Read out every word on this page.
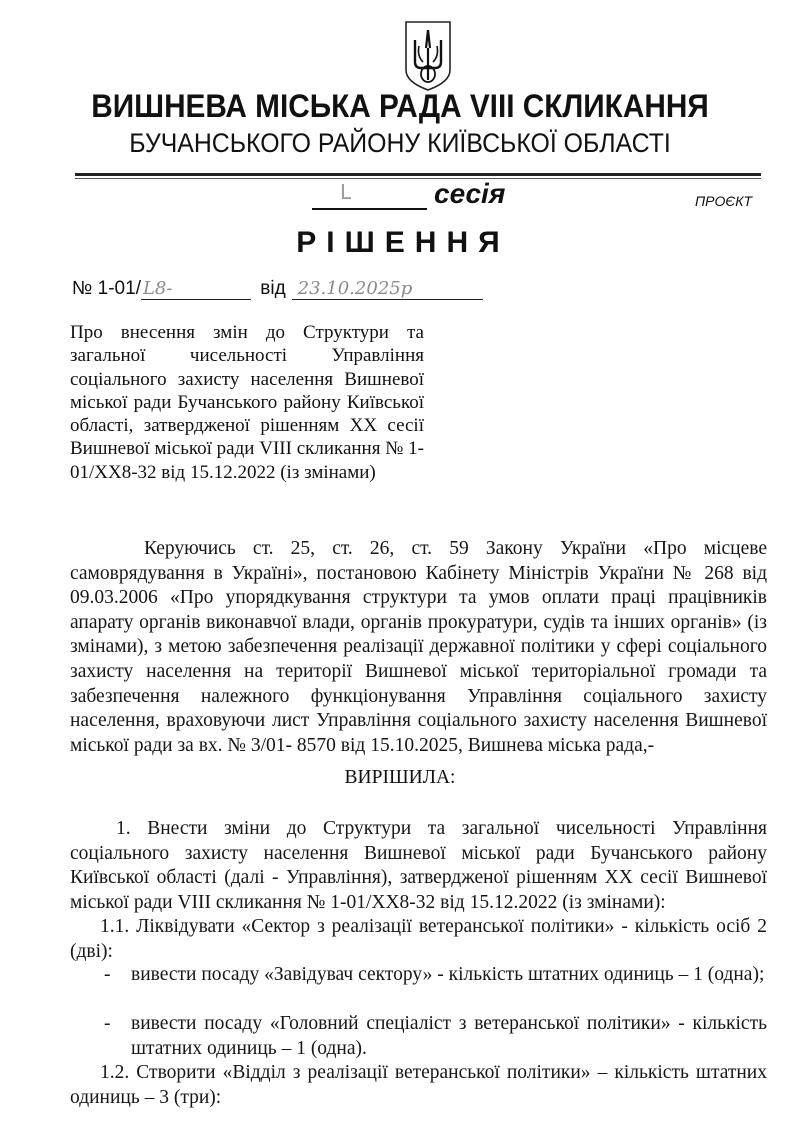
ВИШНЕВА МІСЬКА РАДА VIII СКЛИКАННЯ
БУЧАНСЬКОГО РАЙОНУ КИЇВСЬКОЇ ОБЛАСТІ
L	сесія	ПРОЄКТ
РІШЕННЯ
№ 1-01/ L8-	від 23.10.2025р
Про внесення змін до Структури та загальної чисельності Управління соціального захисту населення Вишневої міської ради Бучанського району Київської області, затвердженої рішенням ХХ сесії Вишневої міської ради VIII скликання № 1-01/ХХ8-32 від 15.12.2022 (із змінами)
Керуючись ст. 25, ст. 26, ст. 59 Закону України «Про місцеве самоврядування в Україні», постановою Кабінету Міністрів України № 268 від 09.03.2006 «Про упорядкування структури та умов оплати праці працівників апарату органів виконавчої влади, органів прокуратури, судів та інших органів» (із змінами), з метою забезпечення реалізації державної політики у сфері соціального захисту населення на території Вишневої міської територіальної громади та забезпечення належного функціонування Управління соціального захисту населення, враховуючи лист Управління соціального захисту населення Вишневої міської ради за вх. № 3/01- 8570 від 15.10.2025, Вишнева міська рада,-
ВИРІШИЛА:
1. Внести зміни до Структури та загальної чисельності Управління соціального захисту населення Вишневої міської ради Бучанського району Київської області (далі - Управління), затвердженої рішенням ХХ сесії Вишневої міської ради VIII скликання № 1-01/ХХ8-32 від 15.12.2022 (із змінами):
1.1. Ліквідувати «Сектор з реалізації ветеранської політики» - кількість осіб 2 (дві):
- вивести посаду «Завідувач сектору» - кількість штатних одиниць – 1 (одна);
- вивести посаду «Головний спеціаліст з ветеранської політики» - кількість штатних одиниць – 1 (одна).
1.2. Створити «Відділ з реалізації ветеранської політики» – кількість штатних одиниць – 3 (три):
